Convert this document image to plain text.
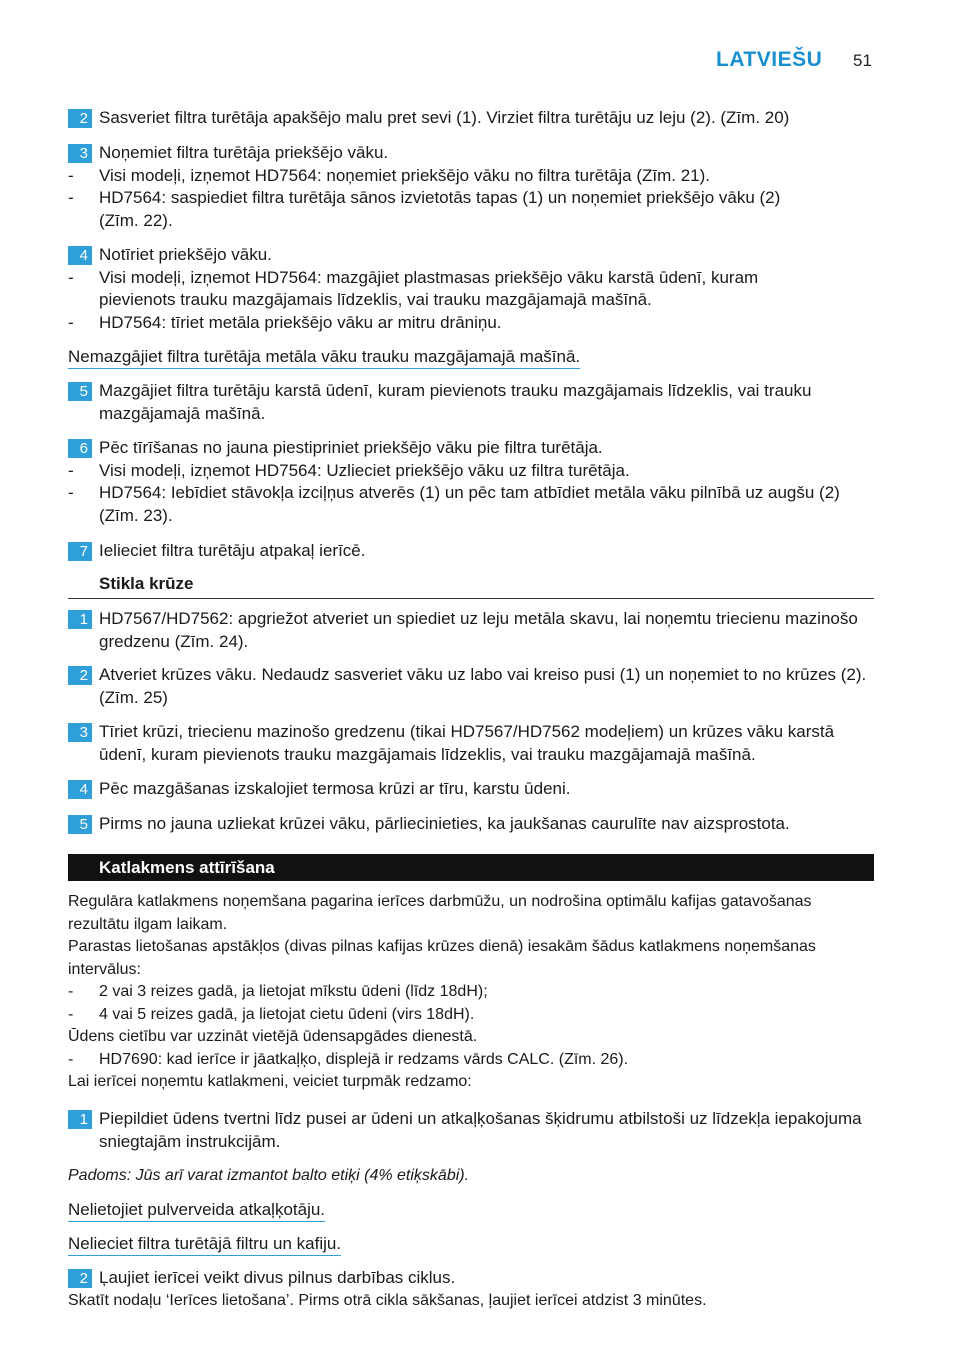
LATVIEŠU 51
2 Sasveriet filtra turētāja apakšējo malu pret sevi (1). Virziet filtra turētāju uz leju (2). (Zīm. 20)
3 Noņemiet filtra turētāja priekšējo vāku.
- Visi modeļi, izņemot HD7564: noņemiet priekšējo vāku no filtra turētāja (Zīm. 21).
- HD7564: saspiediet filtra turētāja sānos izvietotās tapas (1) un noņemiet priekšējo vāku (2) (Zīm. 22).
4 Notīriet priekšējo vāku.
- Visi modeļi, izņemot HD7564: mazgājiet plastmasas priekšējo vāku karstā ūdenī, kuram pievienots trauku mazgājamais līdzeklis, vai trauku mazgājamajā mašīnā.
- HD7564: tīriet metāla priekšējo vāku ar mitru drāniņu.
Nemazgājiet filtra turētāja metāla vāku trauku mazgājamajā mašīnā.
5 Mazgājiet filtra turētāju karstā ūdenī, kuram pievienots trauku mazgājamais līdzeklis, vai trauku mazgājamajā mašīnā.
6 Pēc tīrīšanas no jauna piestipriniet priekšējo vāku pie filtra turētāja.
- Visi modeļi, izņemot HD7564: Uzlieciet priekšējo vāku uz filtra turētāja.
- HD7564: Iebīdiet stāvokļa izciļņus atverēs (1) un pēc tam atbīdiet metāla vāku pilnībā uz augšu (2) (Zīm. 23).
7 Ielieciet filtra turētāju atpakaļ ierīcē.
Stikla krūze
1 HD7567/HD7562: apgriežot atveriet un spiediet uz leju metāla skavu, lai noņemtu triecienu mazinošo gredzenu (Zīm. 24).
2 Atveriet krūzes vāku. Nedaudz sasveriet vāku uz labo vai kreiso pusi (1) un noņemiet to no krūzes (2). (Zīm. 25)
3 Tīriet krūzi, triecienu mazinošo gredzenu (tikai HD7567/HD7562 modeļiem) un krūzes vāku karstā ūdenī, kuram pievienots trauku mazgājamais līdzeklis, vai trauku mazgājamajā mašīnā.
4 Pēc mazgāšanas izskalojiet termosa krūzi ar tīru, karstu ūdeni.
5 Pirms no jauna uzliekat krūzei vāku, pārliecinieties, ka jaukšanas caurulīte nav aizsprostota.
Katlakmens attīrīšana
Regulāra katlakmens noņemšana pagarina ierīces darbmūžu, un nodrošina optimālu kafijas gatavošanas rezultātu ilgam laikam.
Parastas lietošanas apstākļos (divas pilnas kafijas krūzes dienā) iesakām šādus katlakmens noņemšanas intervālus:
- 2 vai 3 reizes gadā, ja lietojat mīkstu ūdeni (līdz 18dH);
- 4 vai 5 reizes gadā, ja lietojat cietu ūdeni (virs 18dH).
Ūdens cietību var uzzināt vietējā ūdensapgādes dienestā.
- HD7690: kad ierīce ir jāatkaļķo, displejā ir redzams vārds CALC. (Zīm. 26).
Lai ierīcei noņemtu katlakmeni, veiciet turpmāk redzamo:
1 Piepildiet ūdens tvertni līdz pusei ar ūdeni un atkaļķošanas šķidrumu atbilstoši uz līdzekļa iepakojuma sniegtajām instrukcijām.
Padoms: Jūs arī varat izmantot balto etiķi (4% etiķskābi).
Nelietojiet pulverveida atkaļķotāju.
Nelieciet filtra turētājā filtru un kafiju.
2 Ļaujiet ierīcei veikt divus pilnus darbības ciklus.
Skatīt nodaļu ‘Ierīces lietošana’. Pirms otrā cikla sākšanas, ļaujiet ierīcei atdzist 3 minūtes.
